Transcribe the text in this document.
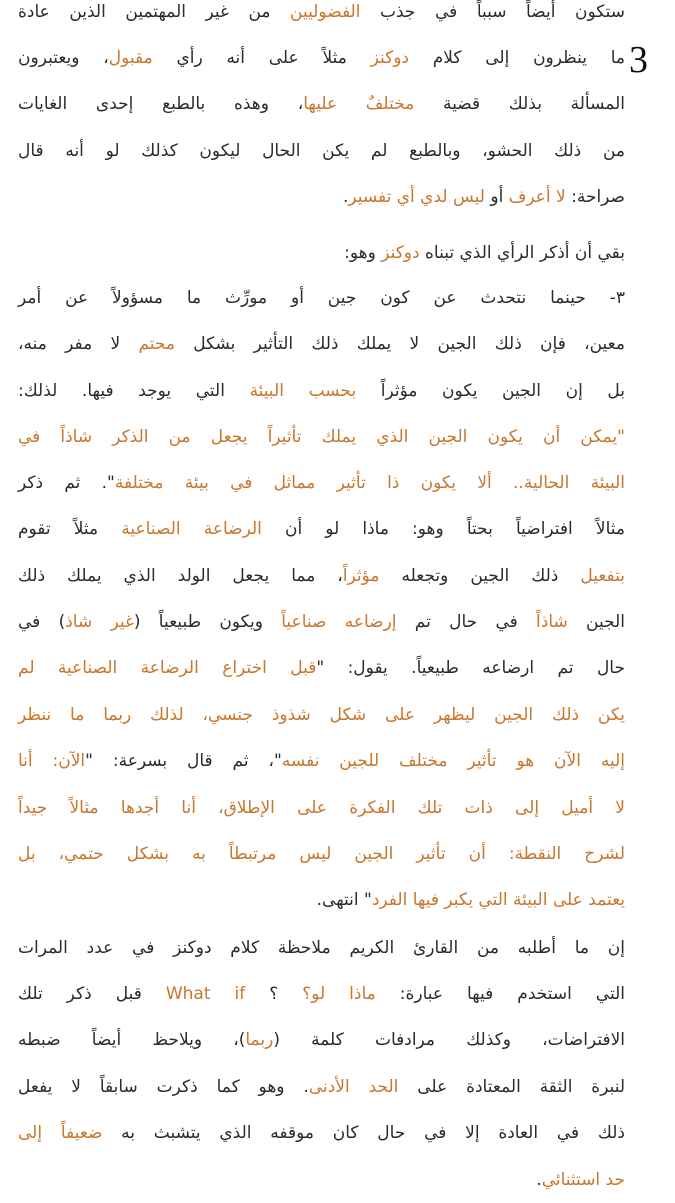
3
ستكون أيضاً سبباً في جذب الفضوليين من غير المهتمين الذين عادة
ما ينظرون إلى كلام دوكنز مثلاً على أنه رأي مقبول، ويعتبرون
المسألة بذلك قضية مختلفٌ عليها، وهذه بالطبع إحدى الغايات
من ذلك الحشو، وبالطبع لم يكن الحال ليكون كذلك لو أنه قال
صراحة: لا أعرف أو ليس لدي أي تفسير.
بقي أن أذكر الرأي الذي تبناه دوكنز وهو:
٣- حينما نتحدث عن كون جين أو مورِّث ما مسؤولاً عن أمر
معين، فإن ذلك الجين لا يملك ذلك التأثير بشكل محتم لا مفر منه،
بل إن الجين يكون مؤثراً بحسب البيئة التي يوجد فيها. لذلك:
"يمكن أن يكون الجين الذي يملك تأثيراً يجعل من الذكر شاذاً في
البيئة الحالية.. ألا يكون ذا تأثير مماثل في بيئة مختلفة". ثم ذكر
مثالاً افتراضياً بحتاً وهو: ماذا لو أن الرضاعة الصناعية مثلاً تقوم
بتفعيل ذلك الجين وتجعله مؤثراً، مما يجعل الولد الذي يملك ذلك
الجين شاذاً في حال تم إرضاعه صناعياً ويكون طبيعياً (غير شاذ) في
حال تم ارضاعه طبيعياً. يقول: "قبل اختراع الرضاعة الصناعية لم
يكن ذلك الجين ليظهر على شكل شذوذ جنسي، لذلك ربما ما ننظر
إليه الآن هو تأثير مختلف للجين نفسه"، ثم قال بسرعة: "الآن: أنا
لا أميل إلى ذات تلك الفكرة على الإطلاق، أنا أجدها مثالاً جيداً
لشرح النقطة: أن تأثير الجين ليس مرتبطاً به بشكل حتمي، بل
يعتمد على البيئة التي يكبر فيها الفرد" انتهى.
إن ما أطلبه من القارئ الكريم ملاحظة كلام دوكنز في عدد المرات
التي استخدم فيها عبارة: ماذا لو؟ ؟ What if قبل ذكر تلك
الافتراضات، وكذلك مرادفات كلمة (ربما)، ويلاحظ أيضاً ضبطه
لنبرة الثقة المعتادة على الحد الأدنى. وهو كما ذكرت سابقاً لا يفعل
ذلك في العادة إلا في حال كان موقفه الذي يتشبث به ضعيفاً إلى
حد استثنائي.
